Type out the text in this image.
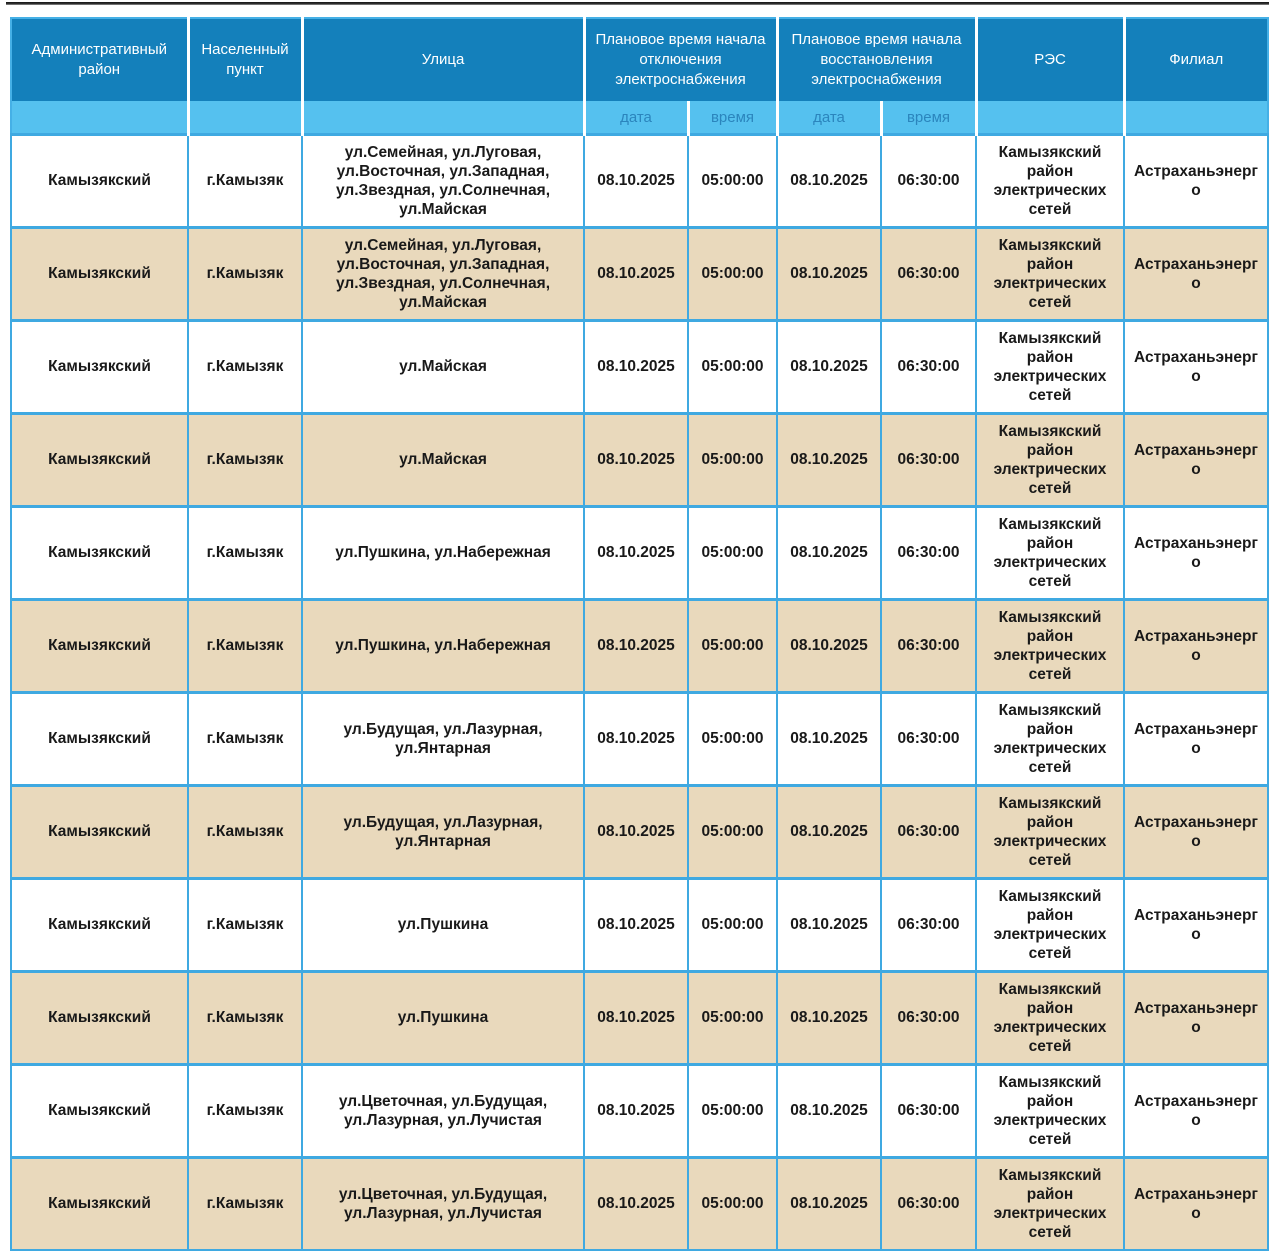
Административный район	Населенный пункт	Улица	Плановое время начала отключения электроснабжения		Плановое время начала восстановления электроснабжения		РЭС	Филиал
			дата	время	дата	время		
Камызякский	г.Камызяк	ул.Семейная, ул.Луговая, ул.Восточная, ул.Западная, ул.Звездная, ул.Солнечная, ул.Майская	08.10.2025	05:00:00	08.10.2025	06:30:00	Камызякский район электрических сетей	Астраханьэнерго
Камызякский	г.Камызяк	ул.Семейная, ул.Луговая, ул.Восточная, ул.Западная, ул.Звездная, ул.Солнечная, ул.Майская	08.10.2025	05:00:00	08.10.2025	06:30:00	Камызякский район электрических сетей	Астраханьэнерго
Камызякский	г.Камызяк	ул.Майская	08.10.2025	05:00:00	08.10.2025	06:30:00	Камызякский район электрических сетей	Астраханьэнерго
Камызякский	г.Камызяк	ул.Майская	08.10.2025	05:00:00	08.10.2025	06:30:00	Камызякский район электрических сетей	Астраханьэнерго
Камызякский	г.Камызяк	ул.Пушкина, ул.Набережная	08.10.2025	05:00:00	08.10.2025	06:30:00	Камызякский район электрических сетей	Астраханьэнерго
Камызякский	г.Камызяк	ул.Пушкина, ул.Набережная	08.10.2025	05:00:00	08.10.2025	06:30:00	Камызякский район электрических сетей	Астраханьэнерго
Камызякский	г.Камызяк	ул.Будущая, ул.Лазурная, ул.Янтарная	08.10.2025	05:00:00	08.10.2025	06:30:00	Камызякский район электрических сетей	Астраханьэнерго
Камызякский	г.Камызяк	ул.Будущая, ул.Лазурная, ул.Янтарная	08.10.2025	05:00:00	08.10.2025	06:30:00	Камызякский район электрических сетей	Астраханьэнерго
Камызякский	г.Камызяк	ул.Пушкина	08.10.2025	05:00:00	08.10.2025	06:30:00	Камызякский район электрических сетей	Астраханьэнерго
Камызякский	г.Камызяк	ул.Пушкина	08.10.2025	05:00:00	08.10.2025	06:30:00	Камызякский район электрических сетей	Астраханьэнерго
Камызякский	г.Камызяк	ул.Цветочная, ул.Будущая, ул.Лазурная, ул.Лучистая	08.10.2025	05:00:00	08.10.2025	06:30:00	Камызякский район электрических сетей	Астраханьэнерго
Камызякский	г.Камызяк	ул.Цветочная, ул.Будущая, ул.Лазурная, ул.Лучистая	08.10.2025	05:00:00	08.10.2025	06:30:00	Камызякский район электрических сетей	Астраханьэнерго
